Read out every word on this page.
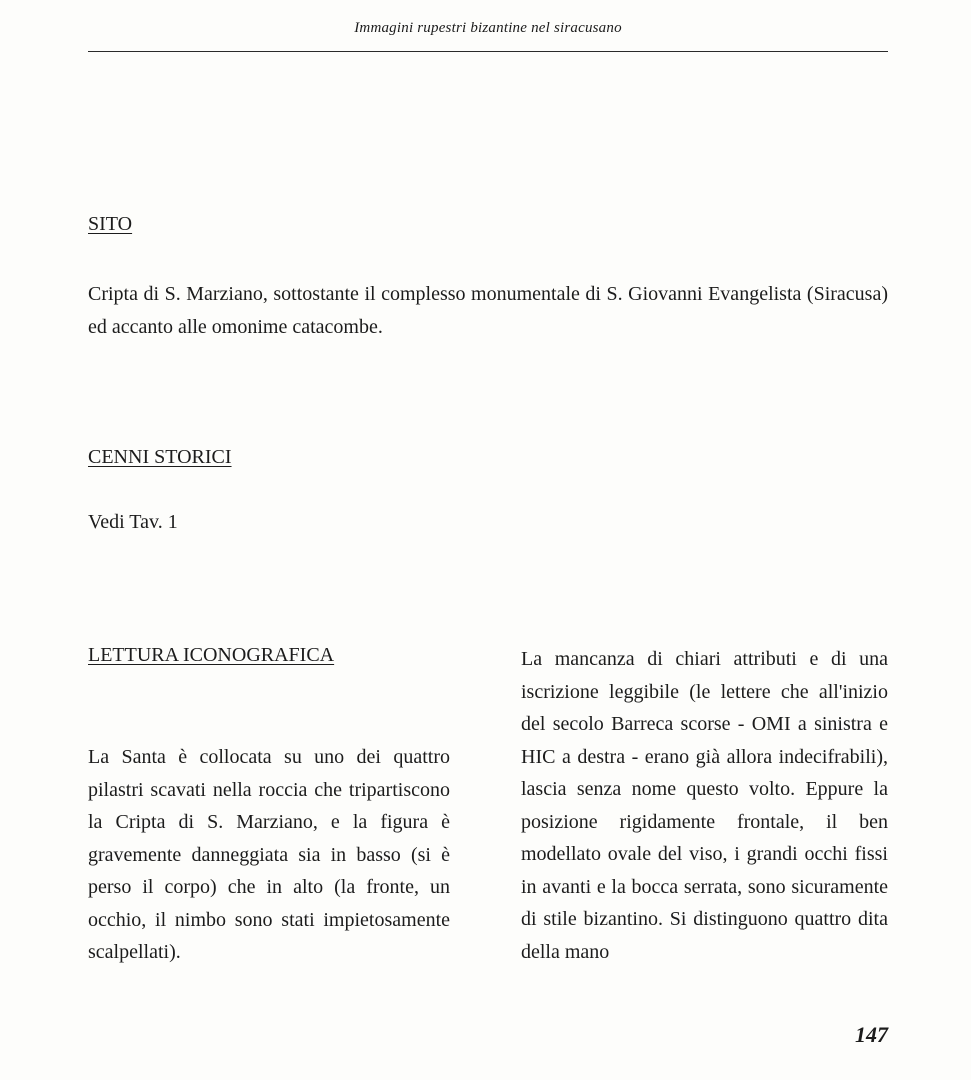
Immagini rupestri bizantine nel siracusano
SITO

Cripta di S. Marziano, sottostante il complesso monumentale di S. Giovanni Evangelista (Siracusa) ed accanto alle omonime catacombe.

CENNI STORICI

Vedi Tav. 1

LETTURA ICONOGRAFICA

La Santa è collocata su uno dei quattro pilastri scavati nella roccia che tripartiscono la Cripta di S. Marziano, e la figura è gravemente danneggiata sia in basso (si è perso il corpo) che in alto (la fronte, un occhio, il nimbo sono stati impietosamente scalpellati).

La mancanza di chiari attributi e di una iscrizione leggibile (le lettere che all'inizio del secolo Barreca scorse - OMI a sinistra e HIC a destra - erano già allora indecifrabili), lascia senza nome questo volto. Eppure la posizione rigidamente frontale, il ben modellato ovale del viso, i grandi occhi fissi in avanti e la bocca serrata, sono sicuramente di stile bizantino. Si distinguono quattro dita della mano

147
